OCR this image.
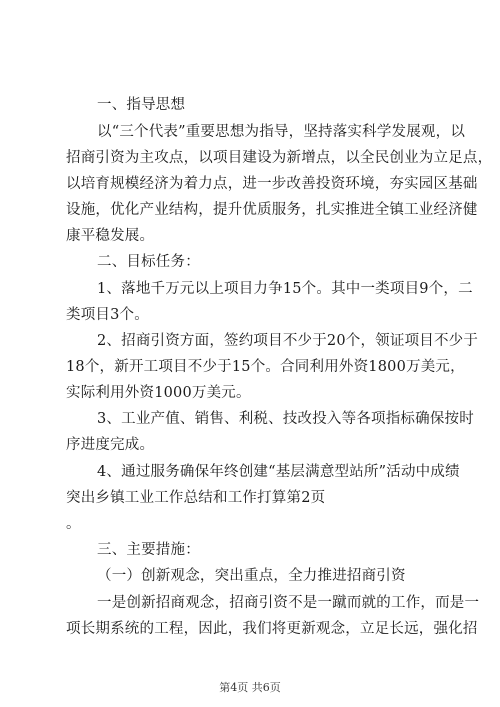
一、指导思想
以“三个代表”重要思想为指导，坚持落实科学发展观，以
招商引资为主攻点，以项目建设为新增点，以全民创业为立足点，
以培育规模经济为着力点，进一步改善投资环境，夯实园区基础
设施，优化产业结构，提升优质服务，扎实推进全镇工业经济健
康平稳发展。
二、目标任务：
1、落地千万元以上项目力争15个。其中一类项目9个，二
类项目3个。
2、招商引资方面，签约项目不少于20个，领证项目不少于
18个，新开工项目不少于15个。合同利用外资1800万美元，
实际利用外资1000万美元。
3、工业产值、销售、利税、技改投入等各项指标确保按时
序进度完成。
4、通过服务确保年终创建“基层满意型站所”活动中成绩
突出乡镇工业工作总结和工作打算第2页
。
三、主要措施：
（一）创新观念，突出重点，全力推进招商引资
一是创新招商观念，招商引资不是一蹴而就的工作，而是一
项长期系统的工程，因此，我们将更新观念，立足长远，强化招
第4页 共6页
